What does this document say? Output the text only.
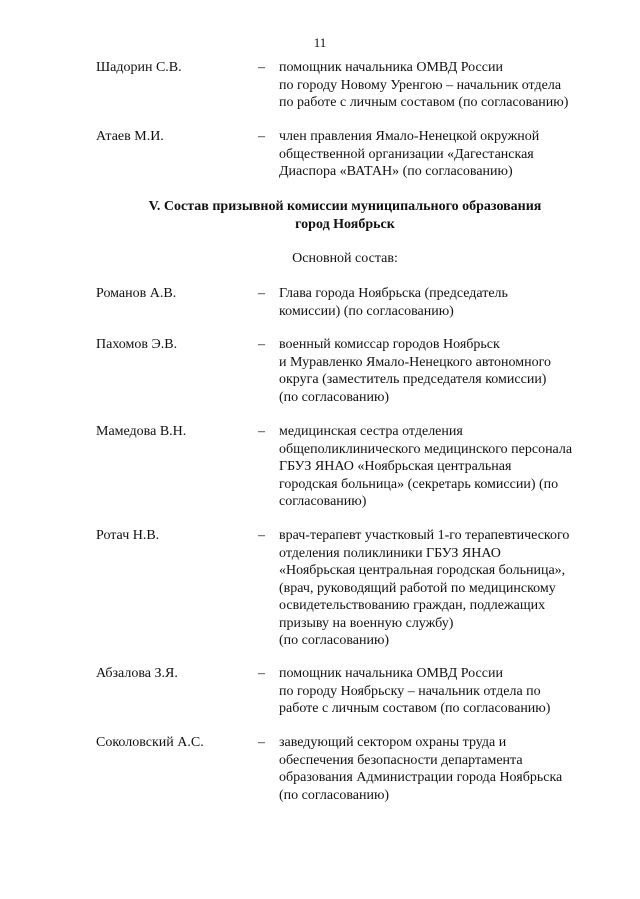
11
Шадорин С.В.	– помощник начальника ОМВД России
по городу Новому Уренгою – начальник отдела
по работе с личным составом (по согласованию)
Атаев М.И.	– член правления Ямало-Ненецкой окружной
общественной организации «Дагестанская
Диаспора «ВАТАН» (по согласованию)
V. Состав призывной комиссии муниципального образования
город Ноябрьск
Основной состав:
Романов А.В.	– Глава города Ноябрьска (председатель
комиссии) (по согласованию)
Пахомов Э.В.	– военный комиссар городов Ноябрьск
и Муравленко Ямало-Ненецкого автономного
округа (заместитель председателя комиссии)
(по согласованию)
Мамедова В.Н.	– медицинская сестра отделения
общеполиклинического медицинского персонала
ГБУЗ ЯНАО «Ноябрьская центральная
городская больница» (секретарь комиссии) (по
согласованию)
Ротач Н.В.	– врач-терапевт участковый 1-го терапевтического
отделения поликлиники ГБУЗ ЯНАО
«Ноябрьская центральная городская больница»,
(врач, руководящий работой по медицинскому
освидетельствованию граждан, подлежащих
призыву на военную службу)
(по согласованию)
Абзалова З.Я.	– помощник начальника ОМВД России
по городу Ноябрьску – начальник отдела по
работе с личным составом (по согласованию)
Соколовский А.С.	– заведующий сектором охраны труда и
обеспечения безопасности департамента
образования Администрации города Ноябрьска
(по согласованию)
